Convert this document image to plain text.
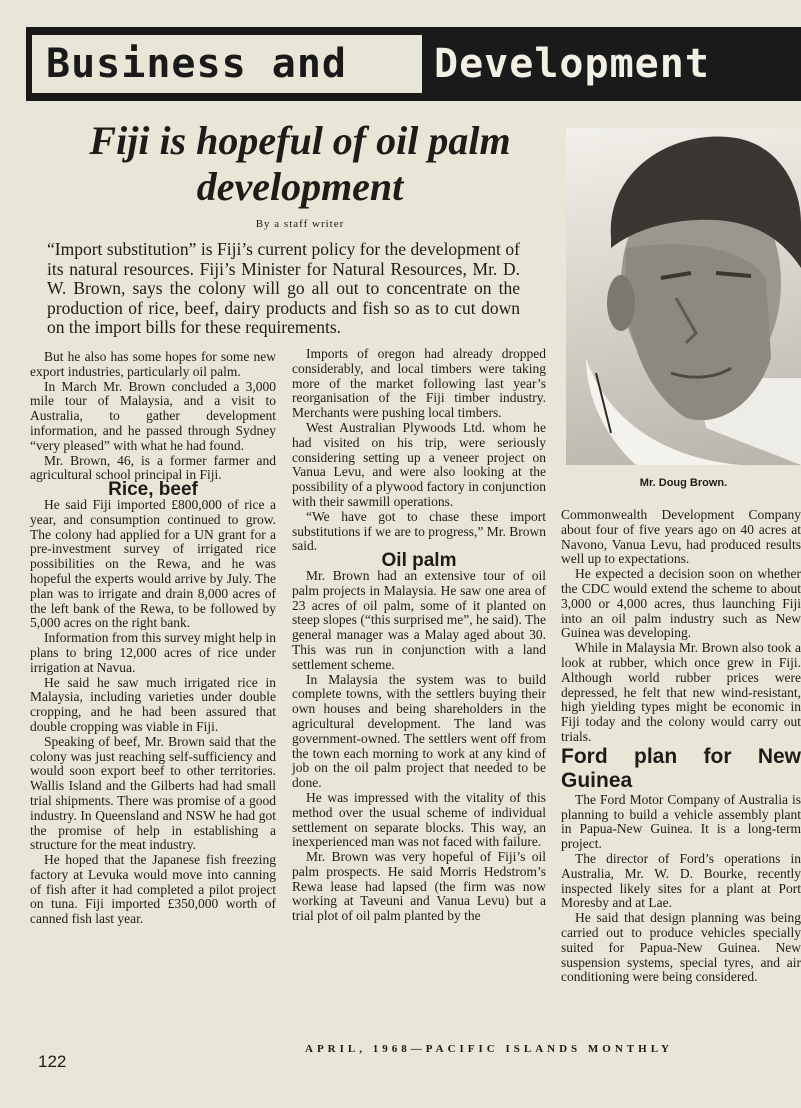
Business and	Development
Fiji is hopeful of oil palm development
By a staff writer
“Import substitution” is Fiji’s current policy for the development of its natural resources. Fiji’s Minister for Natural Resources, Mr. D. W. Brown, says the colony will go all out to concentrate on the production of rice, beef, dairy products and fish so as to cut down on the import bills for these requirements.

But he also has some hopes for some new export industries, particularly oil palm.

In March Mr. Brown concluded a 3,000 mile tour of Malaysia, and a visit to Australia, to gather development information, and he passed through Sydney “very pleased” with what he had found.

Mr. Brown, 46, is a former farmer and agricultural school principal in Fiji.

Rice, beef

He said Fiji imported £800,000 of rice a year, and consumption continued to grow. The colony had applied for a UN grant for a pre-investment survey of irrigated rice possibilities on the Rewa, and he was hopeful the experts would arrive by July. The plan was to irrigate and drain 8,000 acres of the left bank of the Rewa, to be followed by 5,000 acres on the right bank.

Information from this survey might help in plans to bring 12,000 acres of rice under irrigation at Navua.

He said he saw much irrigated rice in Malaysia, including varieties under double cropping, and he had been assured that double cropping was viable in Fiji.

Speaking of beef, Mr. Brown said that the colony was just reaching self-sufficiency and would soon export beef to other territories. Wallis Island and the Gilberts had had small trial shipments. There was promise of a good industry. In Queensland and NSW he had got the promise of help in establishing a structure for the meat industry.

He hoped that the Japanese fish freezing factory at Levuka would move into canning of fish after it had completed a pilot project on tuna. Fiji imported £350,000 worth of canned fish last year.

Imports of oregon had already dropped considerably, and local timbers were taking more of the market following last year’s reorganisation of the Fiji timber industry. Merchants were pushing local timbers.

West Australian Plywoods Ltd. whom he had visited on his trip, were seriously considering setting up a veneer project on Vanua Levu, and were also looking at the possibility of a plywood factory in conjunction with their sawmill operations.

“We have got to chase these import substitutions if we are to progress,” Mr. Brown said.

Oil palm

Mr. Brown had an extensive tour of oil palm projects in Malaysia. He saw one area of 23 acres of oil palm, some of it planted on steep slopes (“this surprised me”, he said). The general manager was a Malay aged about 30. This was run in conjunction with a land settlement scheme.

In Malaysia the system was to build complete towns, with the settlers buying their own houses and being shareholders in the agricultural development. The land was government-owned. The settlers went off from the town each morning to work at any kind of job on the oil palm project that needed to be done.

He was impressed with the vitality of this method over the usual scheme of individual settlement on separate blocks. This way, an inexperienced man was not faced with failure.

Mr. Brown was very hopeful of Fiji’s oil palm prospects. He said Morris Hedstrom’s Rewa lease had lapsed (the firm was now working at Taveuni and Vanua Levu) but a trial plot of oil palm planted by the

Mr. Doug Brown.

Commonwealth Development Company about four of five years ago on 40 acres at Navono, Vanua Levu, had produced results well up to expectations.

He expected a decision soon on whether the CDC would extend the scheme to about 3,000 or 4,000 acres, thus launching Fiji into an oil palm industry such as New Guinea was developing.

While in Malaysia Mr. Brown also took a look at rubber, which once grew in Fiji. Although world rubber prices were depressed, he felt that new wind-resistant, high yielding types might be economic in Fiji today and the colony would carry out trials.

Ford plan for New Guinea

The Ford Motor Company of Australia is planning to build a vehicle assembly plant in Papua-New Guinea. It is a long-term project.

The director of Ford’s operations in Australia, Mr. W. D. Bourke, recently inspected likely sites for a plant at Port Moresby and at Lae.

He said that design planning was being carried out to produce vehicles specially suited for Papua-New Guinea. New suspension systems, special tyres, and air conditioning were being considered.

122
APRIL, 1968—PACIFIC ISLANDS MONTHLY
